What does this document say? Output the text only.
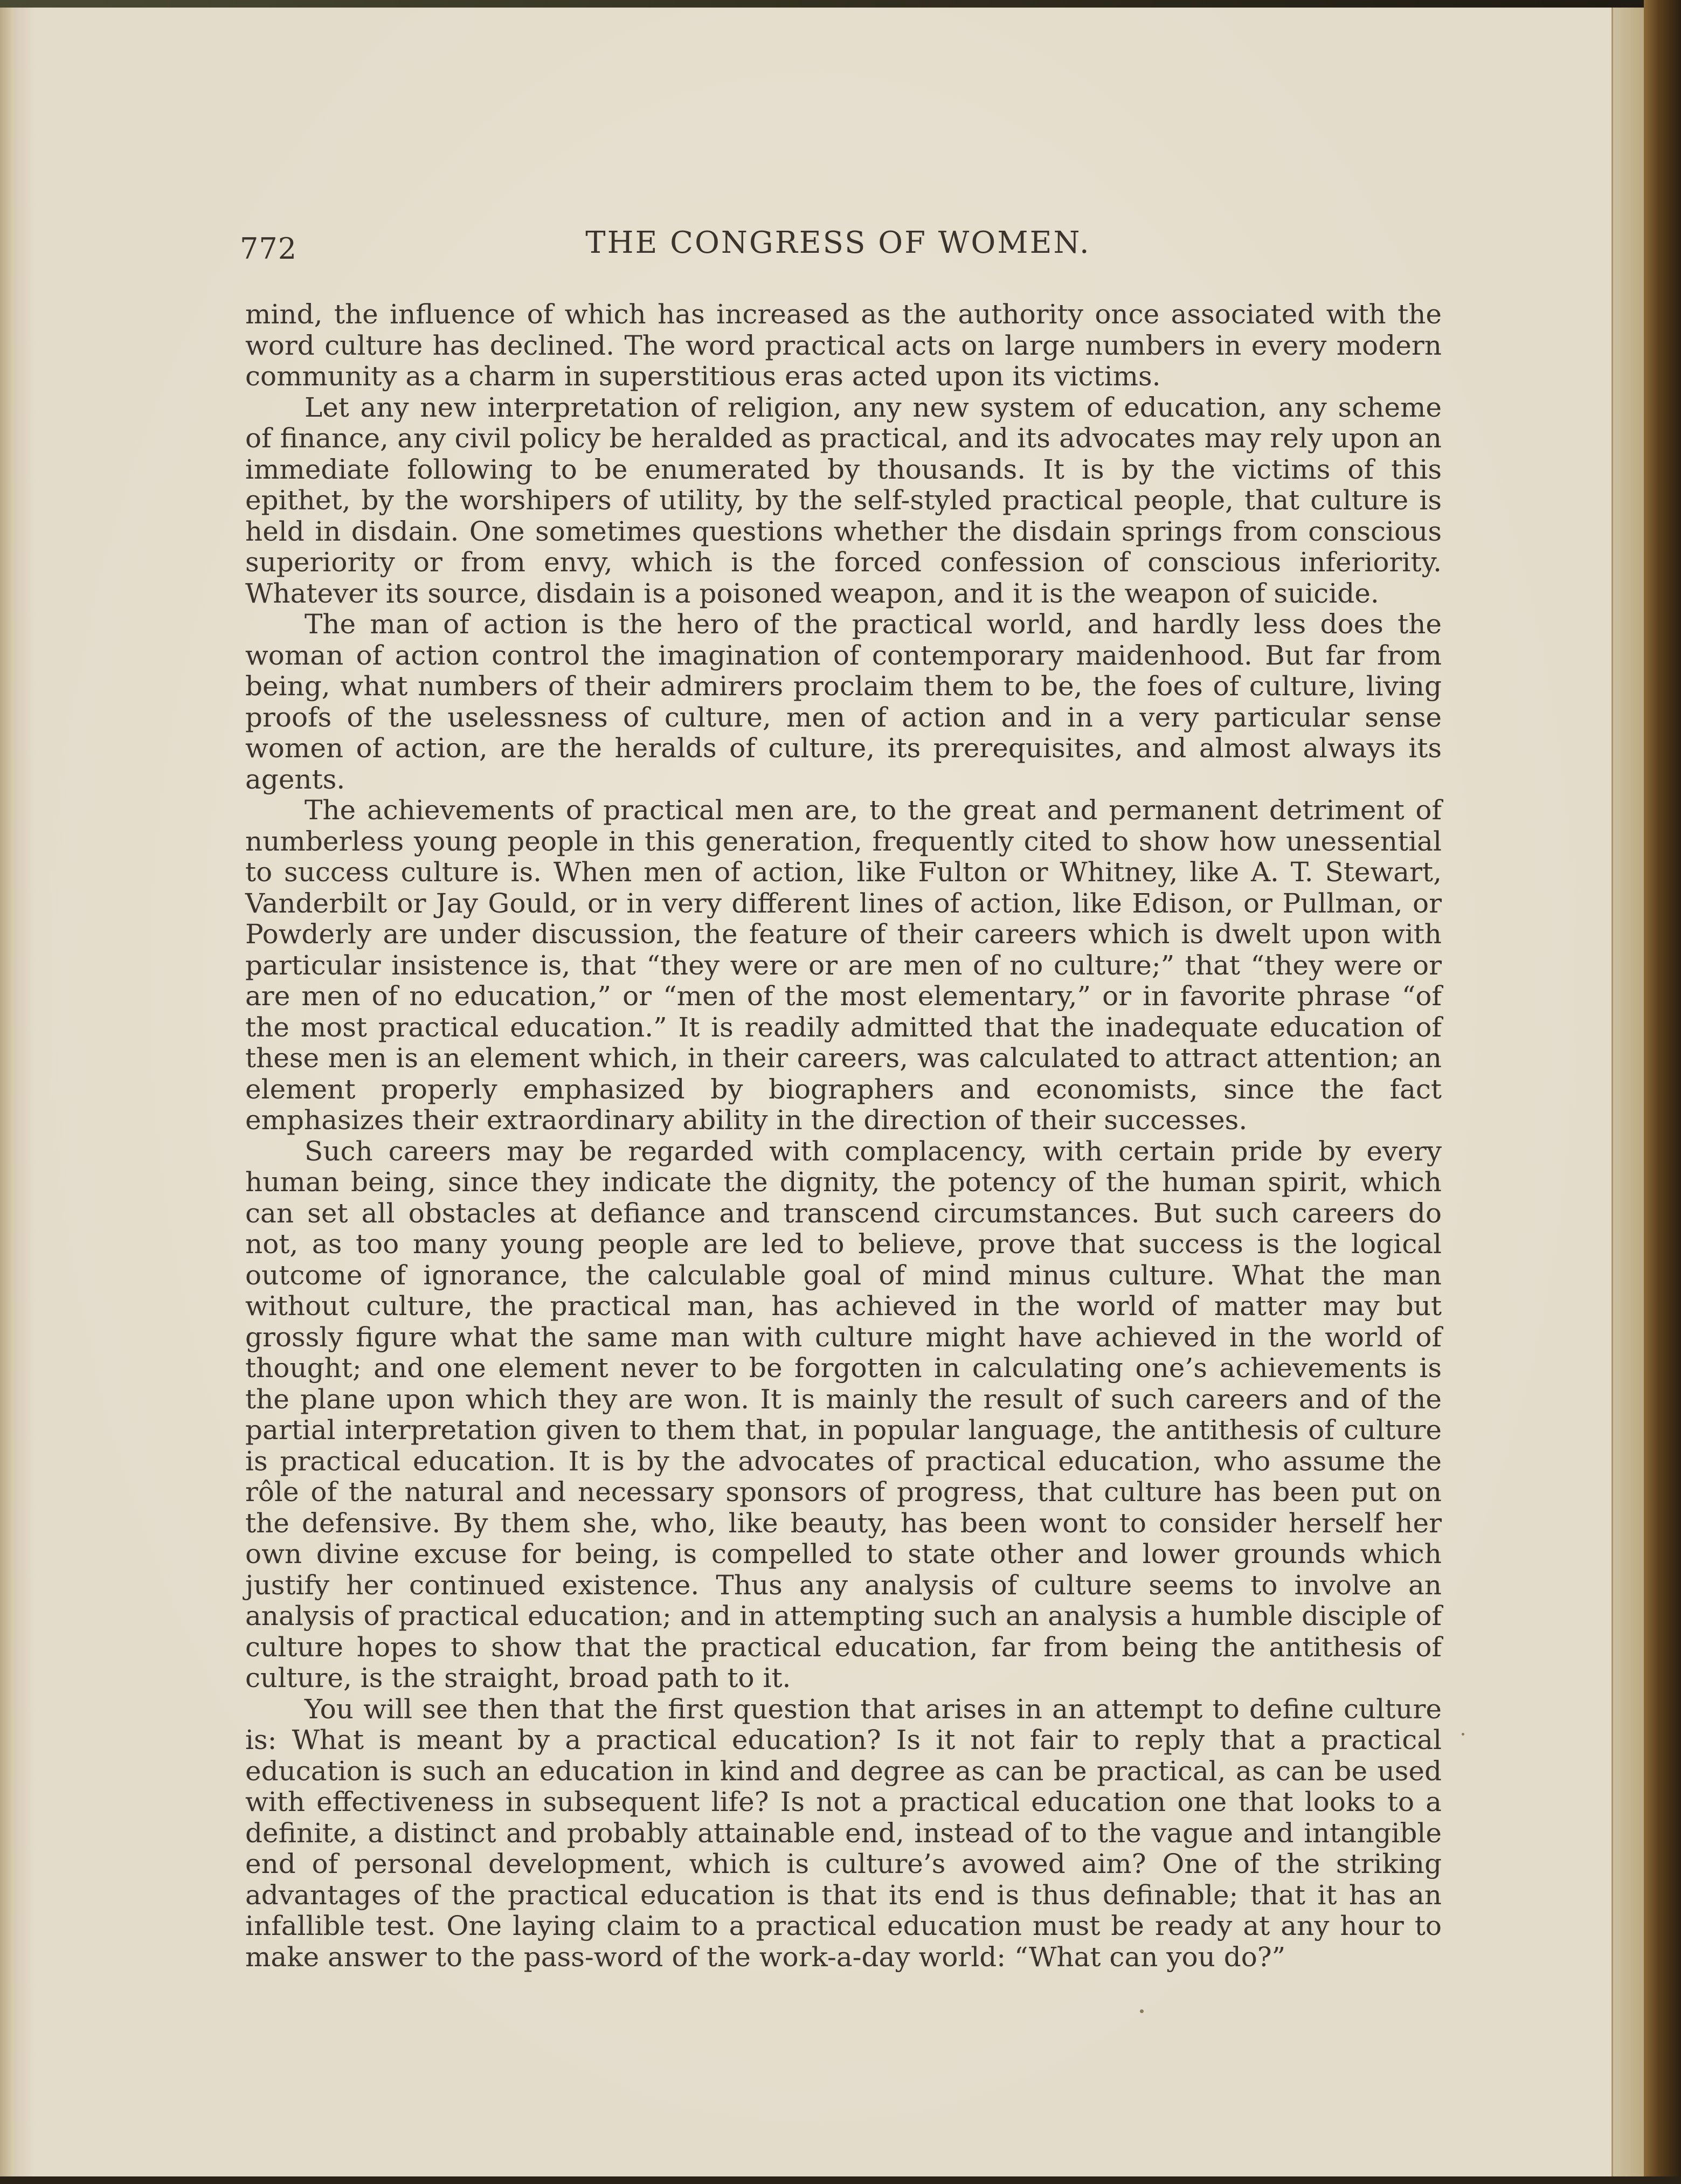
772	THE CONGRESS OF WOMEN.

mind, the influence of which has increased as the authority once associated with the word culture has declined. The word practical acts on large numbers in every modern community as a charm in superstitious eras acted upon its victims.

Let any new interpretation of religion, any new system of education, any scheme of finance, any civil policy be heralded as practical, and its advocates may rely upon an immediate following to be enumerated by thousands. It is by the victims of this epithet, by the worshipers of utility, by the self-styled practical people, that culture is held in disdain. One sometimes questions whether the disdain springs from conscious superiority or from envy, which is the forced confession of conscious inferiority. Whatever its source, disdain is a poisoned weapon, and it is the weapon of suicide.

The man of action is the hero of the practical world, and hardly less does the woman of action control the imagination of contemporary maidenhood. But far from being, what numbers of their admirers proclaim them to be, the foes of culture, living proofs of the uselessness of culture, men of action and in a very particular sense women of action, are the heralds of culture, its prerequisites, and almost always its agents.

The achievements of practical men are, to the great and permanent detriment of numberless young people in this generation, frequently cited to show how unessential to success culture is. When men of action, like Fulton or Whitney, like A. T. Stewart, Vanderbilt or Jay Gould, or in very different lines of action, like Edison, or Pullman, or Powderly are under discussion, the feature of their careers which is dwelt upon with particular insistence is, that “they were or are men of no culture;” that “they were or are men of no education,” or “men of the most elementary,” or in favorite phrase “of the most practical education.” It is readily admitted that the inadequate education of these men is an element which, in their careers, was calculated to attract attention; an element properly emphasized by biographers and economists, since the fact emphasizes their extraordinary ability in the direction of their successes.

Such careers may be regarded with complacency, with certain pride by every human being, since they indicate the dignity, the potency of the human spirit, which can set all obstacles at defiance and transcend circumstances. But such careers do not, as too many young people are led to believe, prove that success is the logical outcome of ignorance, the calculable goal of mind minus culture. What the man without culture, the practical man, has achieved in the world of matter may but grossly figure what the same man with culture might have achieved in the world of thought; and one element never to be forgotten in calculating one’s achievements is the plane upon which they are won. It is mainly the result of such careers and of the partial interpretation given to them that, in popular language, the antithesis of culture is practical education. It is by the advocates of practical education, who assume the rôle of the natural and necessary sponsors of progress, that culture has been put on the defensive. By them she, who, like beauty, has been wont to consider herself her own divine excuse for being, is compelled to state other and lower grounds which justify her continued existence. Thus any analysis of culture seems to involve an analysis of practical education; and in attempting such an analysis a humble disciple of culture hopes to show that the practical education, far from being the antithesis of culture, is the straight, broad path to it.

You will see then that the first question that arises in an attempt to define culture is: What is meant by a practical education? Is it not fair to reply that a practical education is such an education in kind and degree as can be practical, as can be used with effectiveness in subsequent life? Is not a practical education one that looks to a definite, a distinct and probably attainable end, instead of to the vague and intangible end of personal development, which is culture’s avowed aim? One of the striking advantages of the practical education is that its end is thus definable; that it has an infallible test. One laying claim to a practical education must be ready at any hour to make answer to the pass-word of the work-a-day world: “What can you do?”
